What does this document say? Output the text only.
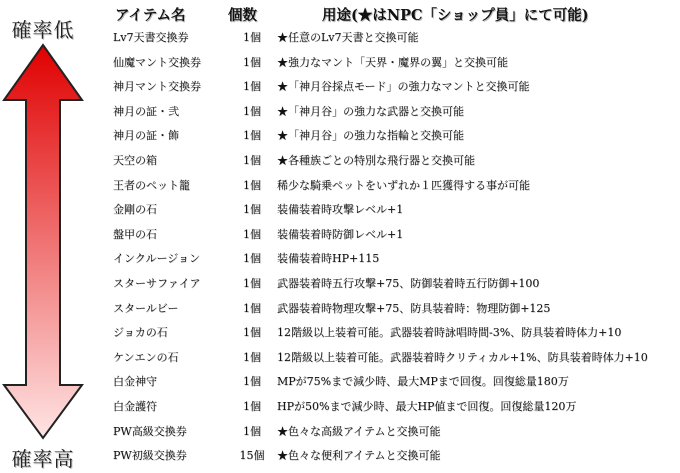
確率低
確率高
アイテム名	個数	用途(★はNPC「ショップ員」にて可能)
Lv7天書交換券	1個	★任意のLv7天書と交換可能
仙魔マント交換券	1個	★強力なマント「天界・魔界の翼」と交換可能
神月マント交換券	1個	★「神月谷採点モード」の強力なマントと交換可能
神月の証・弐	1個	★「神月谷」の強力な武器と交換可能
神月の証・飾	1個	★「神月谷」の強力な指輪と交換可能
天空の箱	1個	★各種族ごとの特別な飛行器と交換可能
王者のペット籠	1個	稀少な騎乗ペットをいずれか１匹獲得する事が可能
金剛の石	1個	装備装着時攻撃レベル+1
盤甲の石	1個	装備装着時防御レベル+1
インクルージョン	1個	装備装着時HP+115
スターサファイア	1個	武器装着時五行攻撃+75、防御装着時五行防御+100
スタールビー	1個	武器装着時物理攻撃+75、防具装着時：物理防御+125
ジョカの石	1個	12階級以上装着可能。武器装着時詠唱時間-3%、防具装着時体力+10
ケンエンの石	1個	12階級以上装着可能。武器装着時クリティカル+1%、防具装着時体力+10
白金神守	1個	MPが75%まで減少時、最大MPまで回復。回復総量180万
白金護符	1個	HPが50%まで減少時、最大HP値まで回復。回復総量120万
PW高級交換券	1個	★色々な高級アイテムと交換可能
PW初級交換券	15個	★色々な便利アイテムと交換可能
